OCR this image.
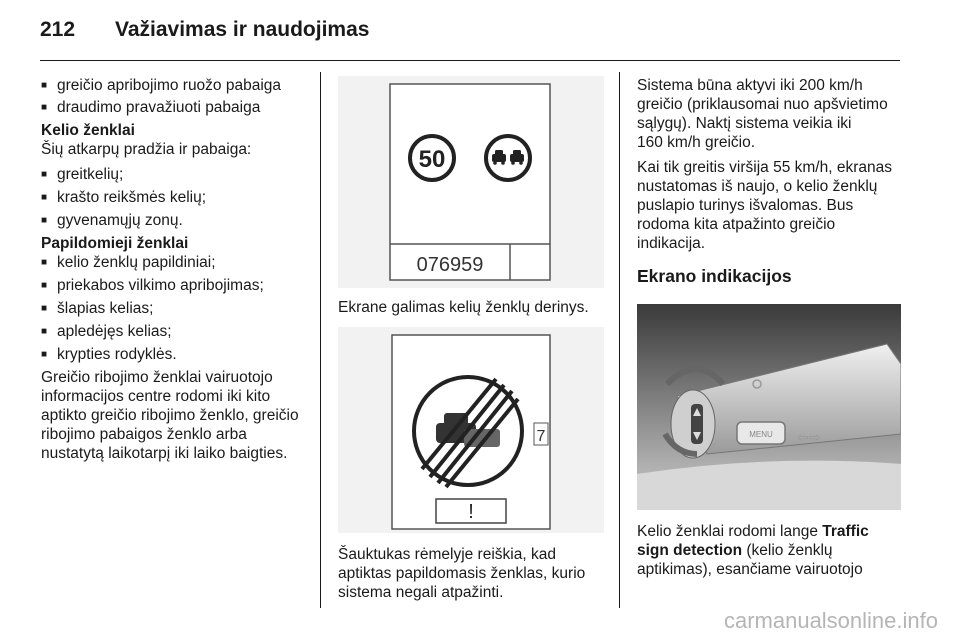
212 Važiavimas ir naudojimas
■ greičio apribojimo ruožo pabaiga
■ draudimo pravažiuoti pabaiga
Kelio ženklai
Šių atkarpų pradžia ir pabaiga:
■ greitkelių;
■ krašto reikšmės kelių;
■ gyvenamųjų zonų.
Papildomieji ženklai
■ kelio ženklų papildiniai;
■ priekabos vilkimo apribojimas;
■ šlapias kelias;
■ apledėjęs kelias;
■ krypties rodyklės.
Greičio ribojimo ženklai vairuotojo
informacijos centre rodomi iki kito
aptikto greičio ribojimo ženklo, greičio
ribojimo pabaigos ženklo arba
nustatytą laikotarpį iki laiko baigties.
50
076959
Ekrane galimas kelių ženklų derinys.
7
!
Šauktukas rėmelyje reiškia, kad
aptiktas papildomasis ženklas, kurio
sistema negali atpažinti.
Sistema būna aktyvi iki 200 km/h
greičio (priklausomai nuo apšvietimo
sąlygų). Naktį sistema veikia iki
160 km/h greičio.
Kai tik greitis viršija 55 km/h, ekranas
nustatomas iš naujo, o kelio ženklų
puslapio turinys išvalomas. Bus
rodoma kita atpažinto greičio
indikacija.
Ekrano indikacijos
MENU ⇦⇨
Kelio ženklai rodomi lange Traffic
sign detection (kelio ženklų
aptikimas), esančiame vairuotojo
carmanualsonline.info
